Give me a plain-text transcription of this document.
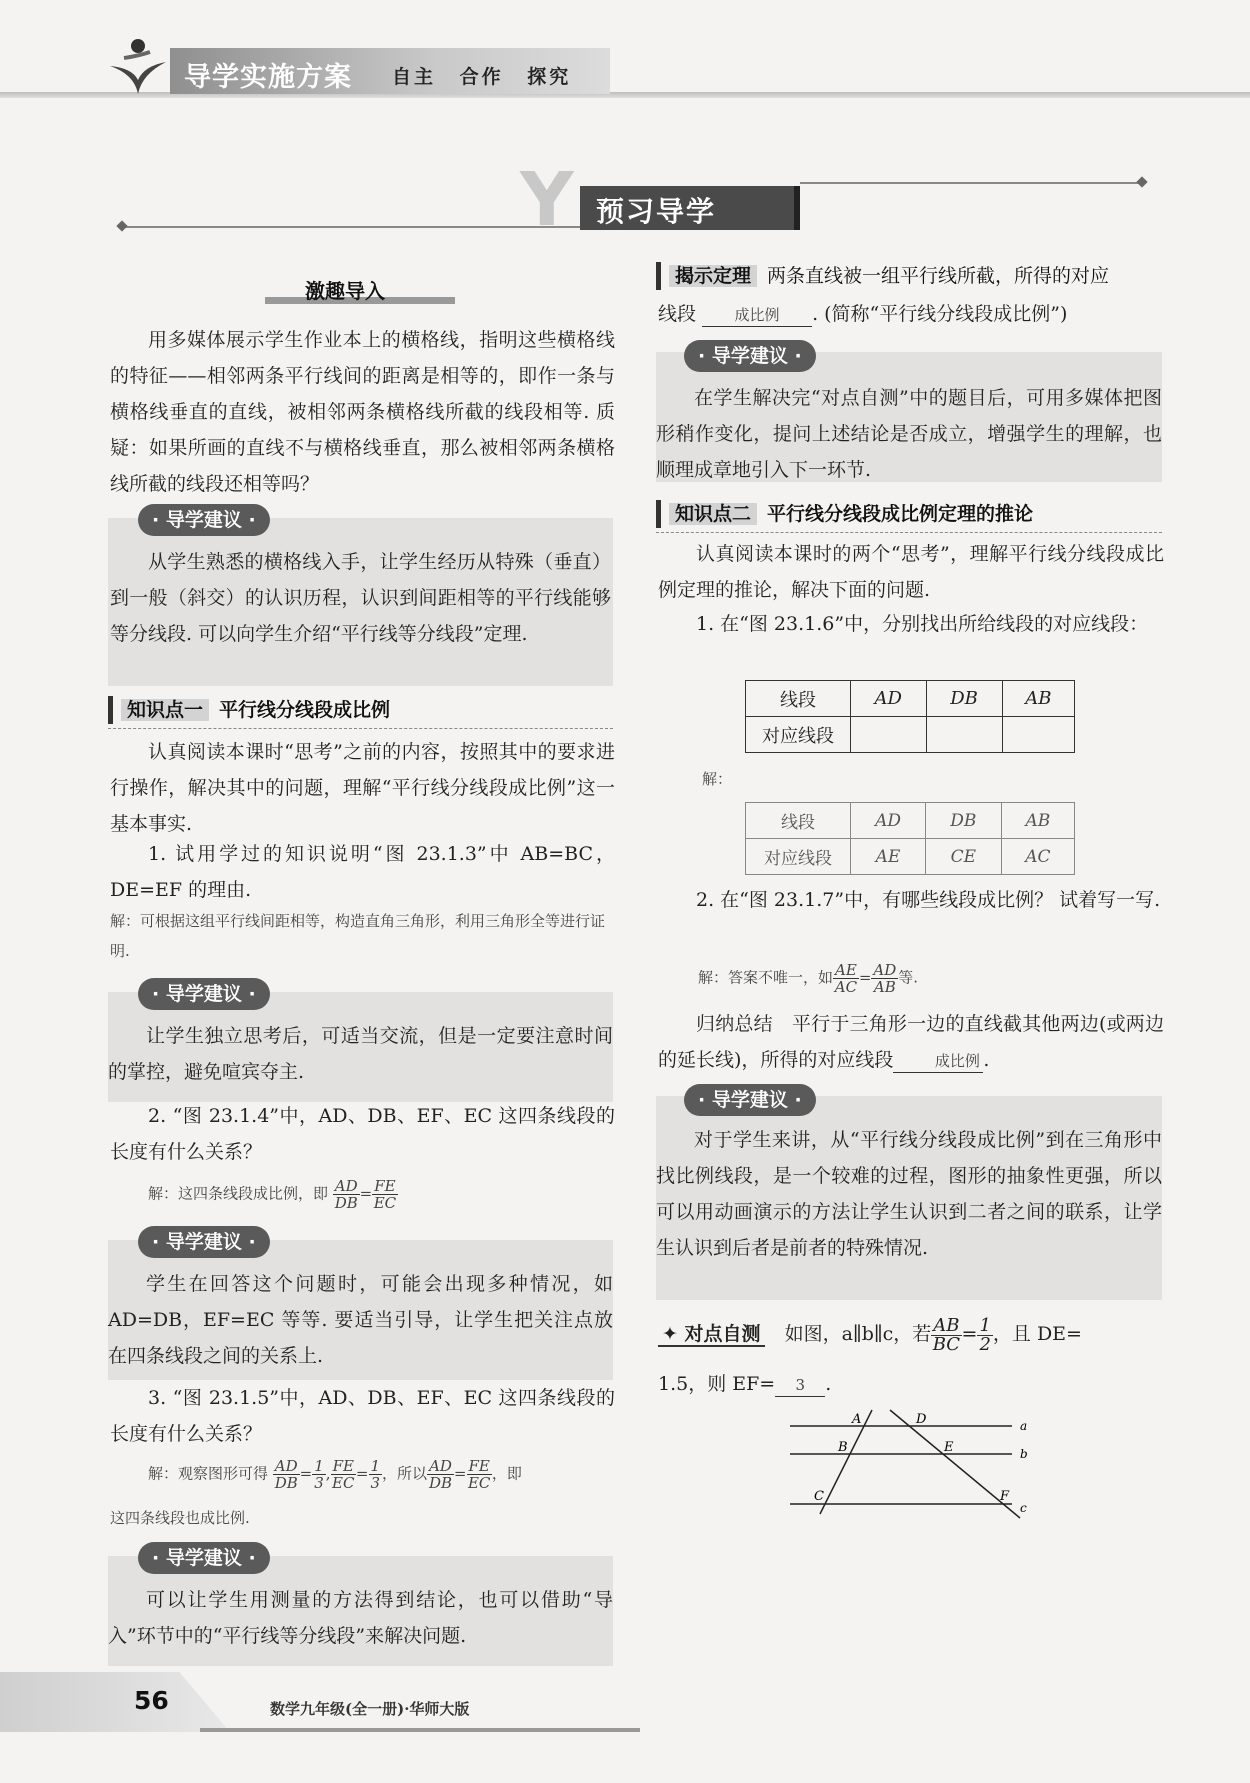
导学实施方案 自主 合作 探究
Y 预习导学
激趣导入
用多媒体展示学生作业本上的横格线，指明这些横格线的特征——相邻两条平行线间的距离是相等的，即作一条与横格线垂直的直线，被相邻两条横格线所截的线段相等. 质疑：如果所画的直线不与横格线垂直，那么被相邻两条横格线所截的线段还相等吗？
· 导学建议 ·
从学生熟悉的横格线入手，让学生经历从特殊（垂直）到一般（斜交）的认识历程，认识到间距相等的平行线能够等分线段. 可以向学生介绍“平行线等分线段”定理.
知识点一 平行线分线段成比例
认真阅读本课时“思考”之前的内容，按照其中的要求进行操作，解决其中的问题，理解“平行线分线段成比例”这一基本事实.
1. 试用学过的知识说明“图 23.1.3”中 AB=BC，DE=EF 的理由.
解：可根据这组平行线间距相等，构造直角三角形，利用三角形全等进行证明.
· 导学建议 ·
让学生独立思考后，可适当交流，但是一定要注意时间的掌控，避免喧宾夺主.
2. “图 23.1.4”中，AD、DB、EF、EC 这四条线段的长度有什么关系？
解：这四条线段成比例，即 $\frac{AD}{DB} = \frac{FE}{EC}$
· 导学建议 ·
学生在回答这个问题时，可能会出现多种情况，如 AD=DB，EF=EC 等等. 要适当引导，让学生把关注点放在四条线段之间的关系上.
3. “图 23.1.5”中，AD、DB、EF、EC 这四条线段的长度有什么关系？
解：观察图形可得 $\frac{AD}{DB} = \frac{1}{3}$ , $\frac{FE}{EC} = \frac{1}{3}$ ，所以 $\frac{AD}{DB} = \frac{FE}{EC}$ ，即
这四条线段也成比例.
· 导学建议 ·
可以让学生用测量的方法得到结论，也可以借助“导入”环节中的“平行线等分线段”来解决问题.
揭示定理 两条直线被一组平行线所截，所得的对应
线段	成比例 . (简称“平行线分线段成比例”)
· 导学建议 ·
在学生解决完“对点自测”中的题目后，可用多媒体把图形稍作变化，提问上述结论是否成立，增强学生的理解，也顺理成章地引入下一环节.
知识点二 平行线分线段成比例定理的推论
认真阅读本课时的两个“思考”，理解平行线分线段成比例定理的推论，解决下面的问题.
1. 在“图 23.1.6”中，分别找出所给线段的对应线段：
线段	AD	DB	AB
对应线段			
解：
线段	AD	DB	AB
对应线段	AE	CE	AC
2. 在“图 23.1.7”中，有哪些线段成比例？ 试着写一写.
解：答案不唯一，如 $\frac{AE}{AC} = \frac{AD}{AB}$ 等.
归纳总结　平行于三角形一边的直线截其他两边(或两边的延长线)，所得的对应线段	成比例 .
· 导学建议 ·
对于学生来讲，从“平行线分线段成比例”到在三角形中找比例线段，是一个较难的过程，图形的抽象性更强，所以可以用动画演示的方法让学生认识到二者之间的联系，让学生认识到后者是前者的特殊情况.
✦ 对点自测 如图，a∥b∥c，若 $\frac{AB}{BC} = \frac{1}{2}$ ，且 DE=
1.5，则 EF= 3 .
A
B
C
D
E
F
a
b
c
56	数学九年级(全一册)·华师大版
